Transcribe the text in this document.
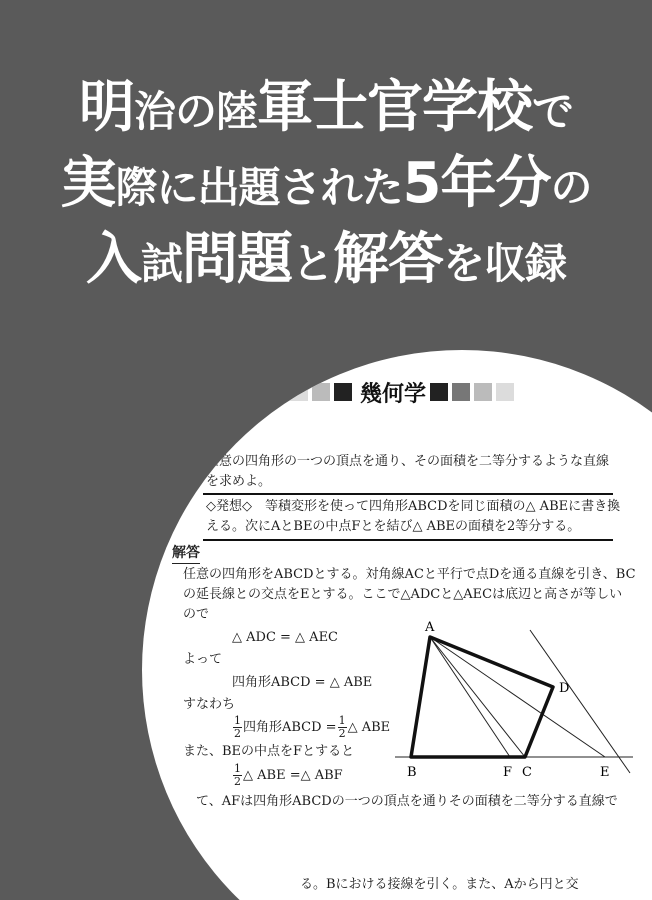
明治の陸軍士官学校で
実際に出題された5年分の
入試問題と解答を収録
幾何学
任意の四角形の一つの頂点を通り、その面積を二等分するような直線
を求めよ。
◇発想◇　等積変形を使って四角形ABCDを同じ面積の△ ABEに書き換
える。次にAとBEの中点Fとを結び△ ABEの面積を2等分する。
解答
任意の四角形をABCDとする。対角線ACと平行で点Dを通る直線を引き、BC
の延長線との交点をEとする。ここで△ADCと△AECは底辺と高さが等しい
ので
△ ADC = △ AEC
よって
四角形ABCD = △ ABE
すなわち
$\frac{1}{2}$ 四角形ABCD = $\frac{1}{2}$ △ ABE
また、BEの中点をFとすると
$\frac{1}{2}$ △ ABE =△ ABF
て、AFは四角形ABCDの一つの頂点を通りその面積を二等分する直線で
る。Bにおける接線を引く。また、Aから円と交
A
D
B	F C	E
